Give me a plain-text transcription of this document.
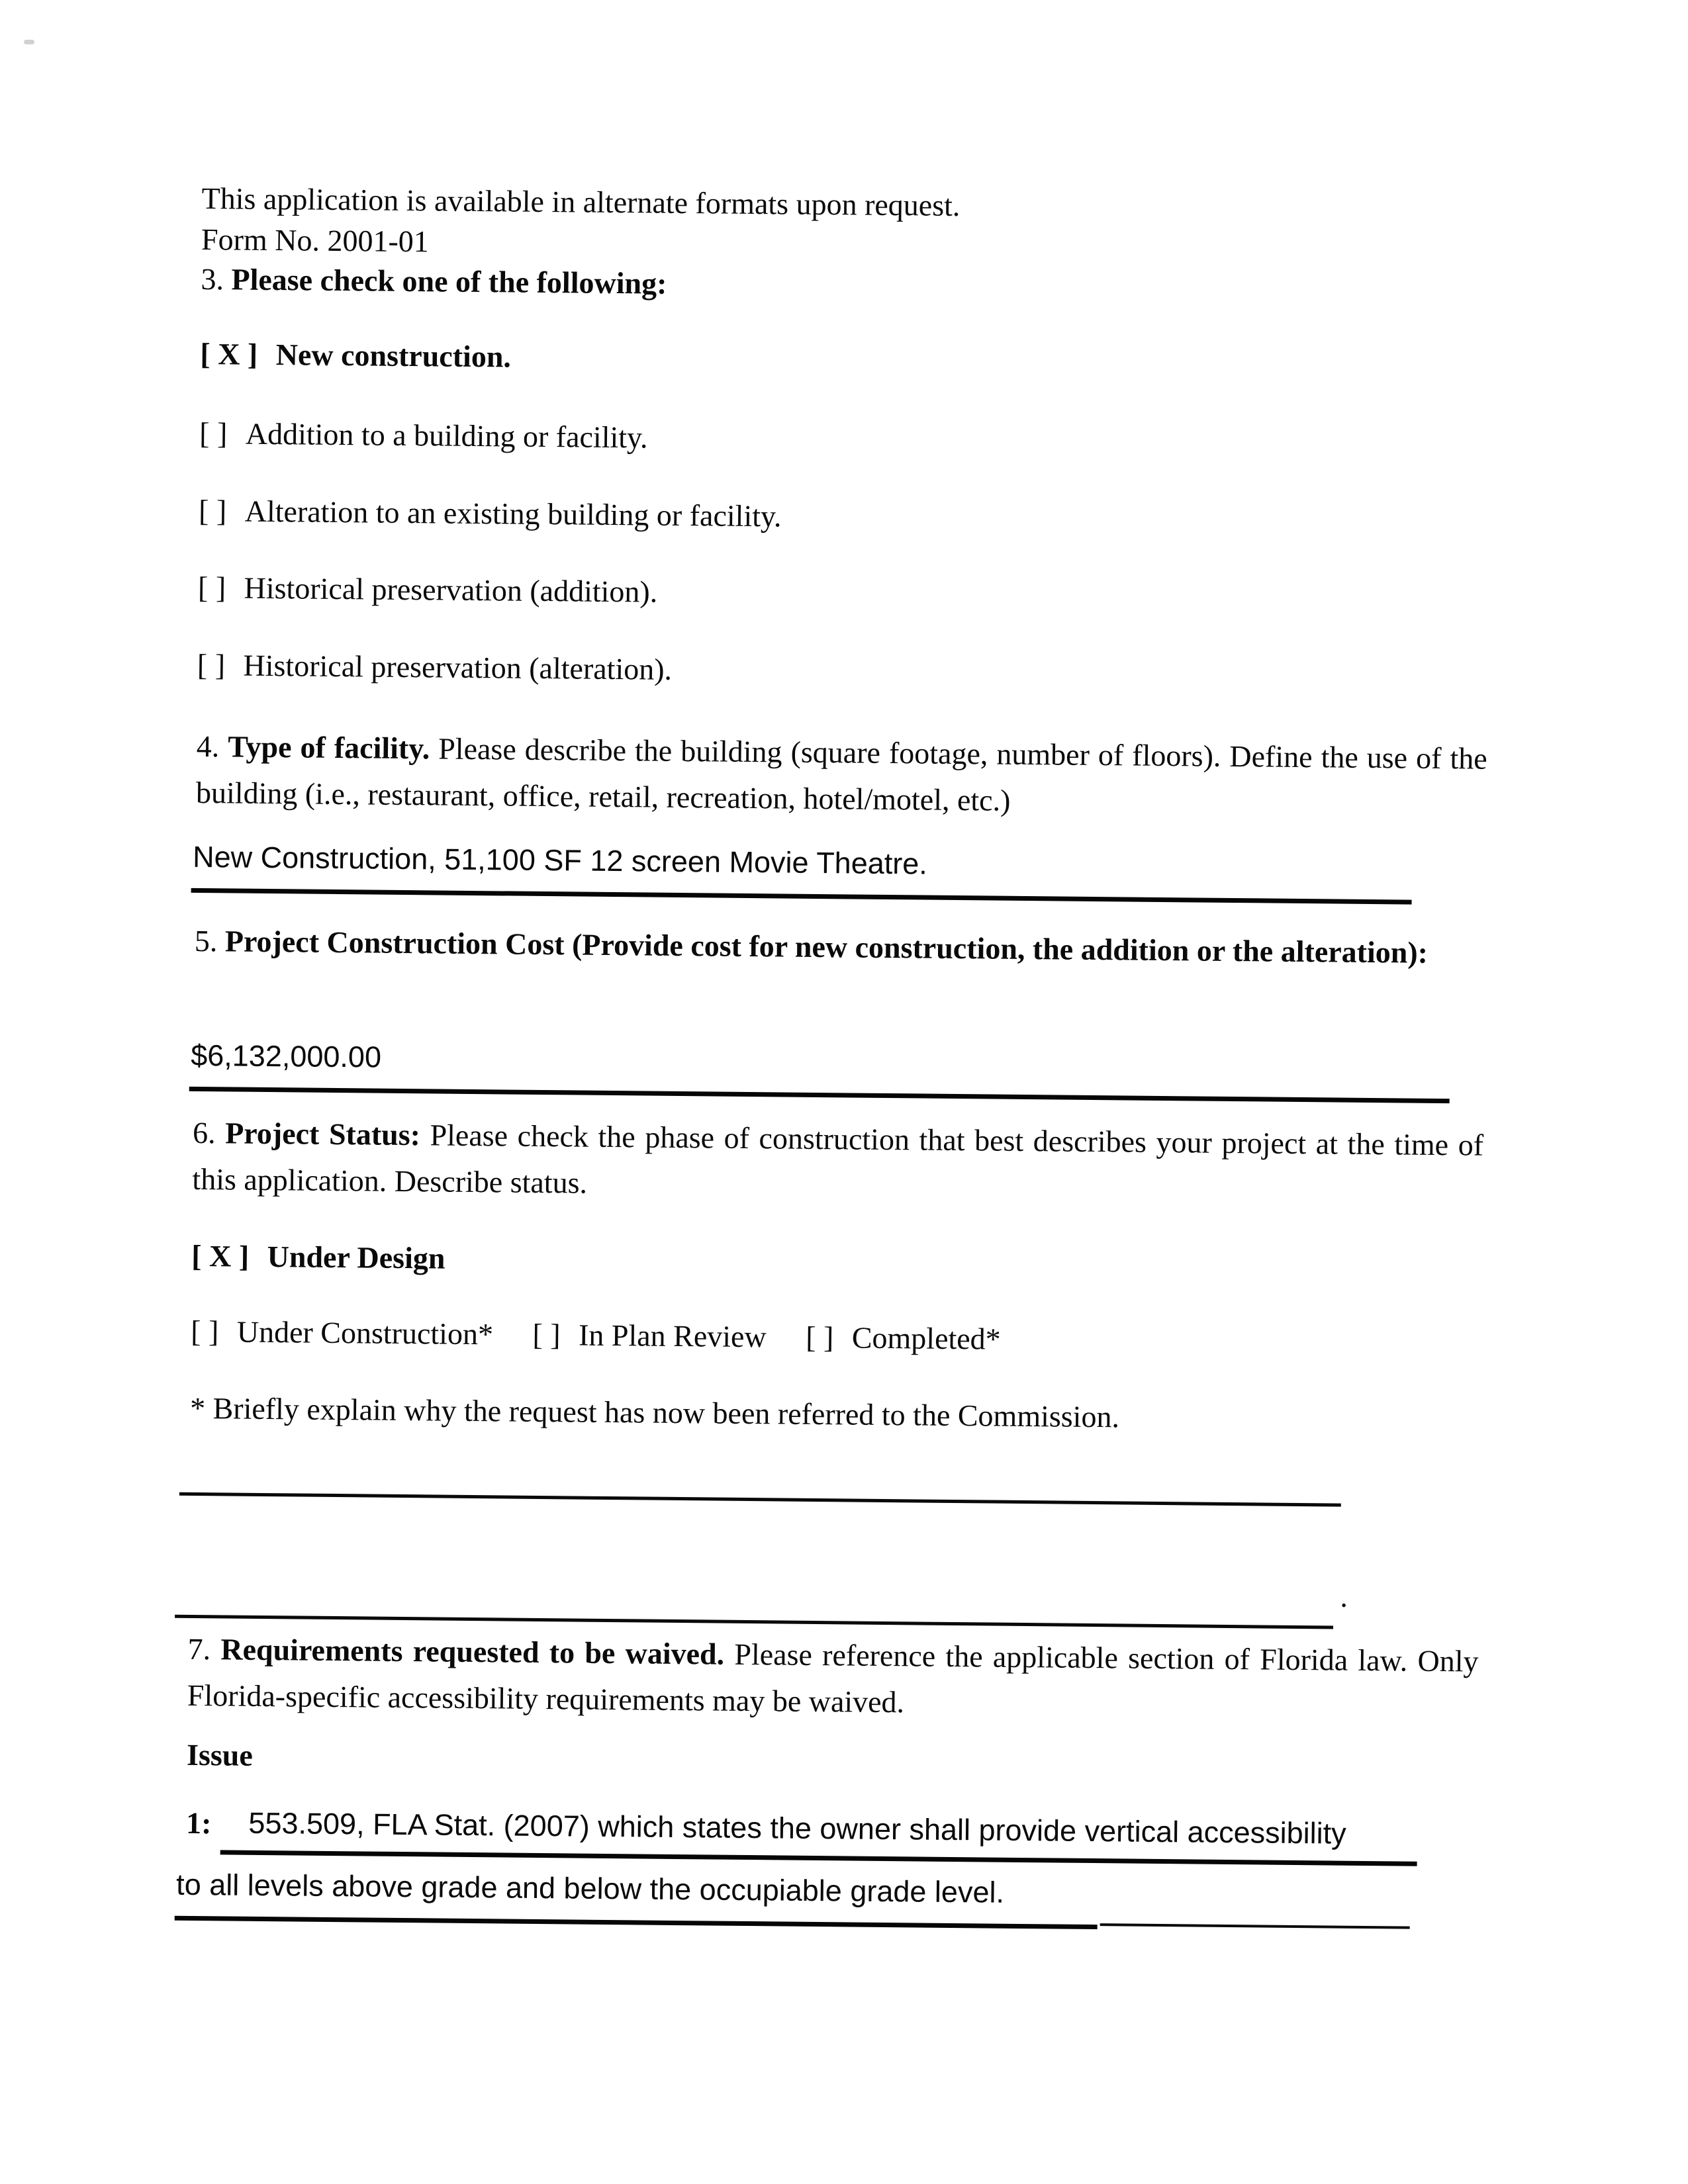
This application is available in alternate formats upon request.
Form No. 2001-01
3. Please check one of the following:
[ X ] New construction.
[ ] Addition to a building or facility.
[ ] Alteration to an existing building or facility.
[ ] Historical preservation (addition).
[ ] Historical preservation (alteration).
4. Type of facility. Please describe the building (square footage, number of floors). Define the use of the building (i.e., restaurant, office, retail, recreation, hotel/motel, etc.)
New Construction, 51,100 SF 12 screen Movie Theatre.
5. Project Construction Cost (Provide cost for new construction, the addition or the alteration):
$6,132,000.00
6. Project Status: Please check the phase of construction that best describes your project at the time of this application. Describe status.
[ X ] Under Design
[ ] Under Construction* [ ] In Plan Review [ ] Completed*
* Briefly explain why the request has now been referred to the Commission.
.
7. Requirements requested to be waived. Please reference the applicable section of Florida law. Only Florida-specific accessibility requirements may be waived.
Issue
1:	553.509, FLA Stat. (2007) which states the owner shall provide vertical accessibility
to all levels above grade and below the occupiable grade level.
